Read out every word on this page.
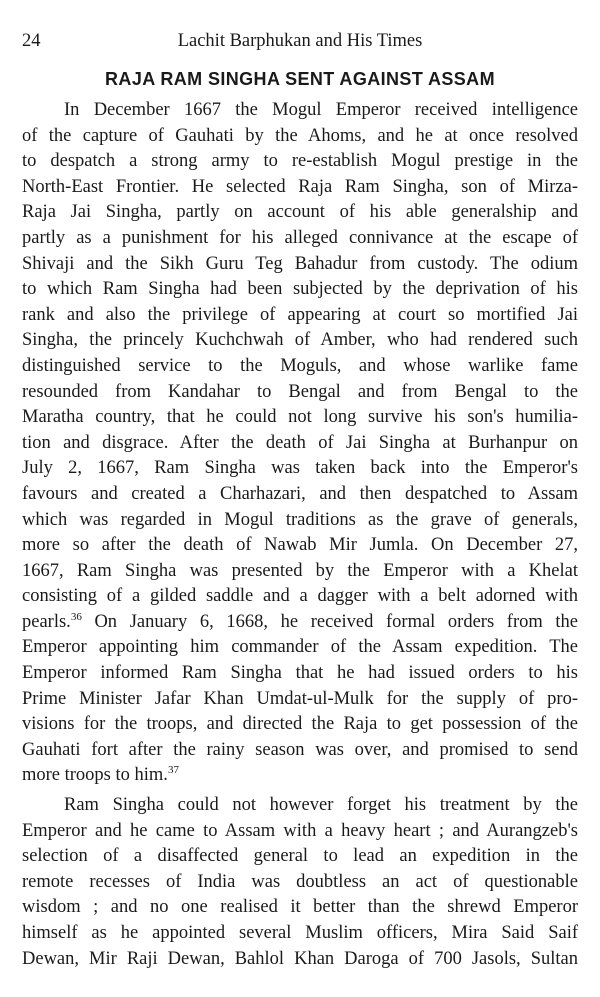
24	Lachit Barphukan and His Times
RAJA RAM SINGHA SENT AGAINST ASSAM

In December 1667 the Mogul Emperor received intelligence
of the capture of Gauhati by the Ahoms, and he at once resolved
to despatch a strong army to re-establish Mogul prestige in the
North-East Frontier. He selected Raja Ram Singha, son of Mirza-
Raja Jai Singha, partly on account of his able generalship and
partly as a punishment for his alleged connivance at the escape of
Shivaji and the Sikh Guru Teg Bahadur from custody. The odium
to which Ram Singha had been subjected by the deprivation of his
rank and also the privilege of appearing at court so mortified Jai
Singha, the princely Kuchchwah of Amber, who had rendered such
distinguished service to the Moguls, and whose warlike fame
resounded from Kandahar to Bengal and from Bengal to the
Maratha country, that he could not long survive his son's humilia-
tion and disgrace. After the death of Jai Singha at Burhanpur on
July 2, 1667, Ram Singha was taken back into the Emperor's
favours and created a Charhazari, and then despatched to Assam
which was regarded in Mogul traditions as the grave of generals,
more so after the death of Nawab Mir Jumla. On December 27,
1667, Ram Singha was presented by the Emperor with a Khelat
consisting of a gilded saddle and a dagger with a belt adorned with
pearls.$^{36}$ On January 6, 1668, he received formal orders from the
Emperor appointing him commander of the Assam expedition. The
Emperor informed Ram Singha that he had issued orders to his
Prime Minister Jafar Khan Umdat-ul-Mulk for the supply of pro-
visions for the troops, and directed the Raja to get possession of the
Gauhati fort after the rainy season was over, and promised to send
more troops to him.$^{37}$

Ram Singha could not however forget his treatment by the
Emperor and he came to Assam with a heavy heart ; and Aurangzeb's
selection of a disaffected general to lead an expedition in the
remote recesses of India was doubtless an act of questionable
wisdom ; and no one realised it better than the shrewd Emperor
himself as he appointed several Muslim officers, Mira Said Saif
Dewan, Mir Raji Dewan, Bahlol Khan Daroga of 700 Jasols, Sultan
